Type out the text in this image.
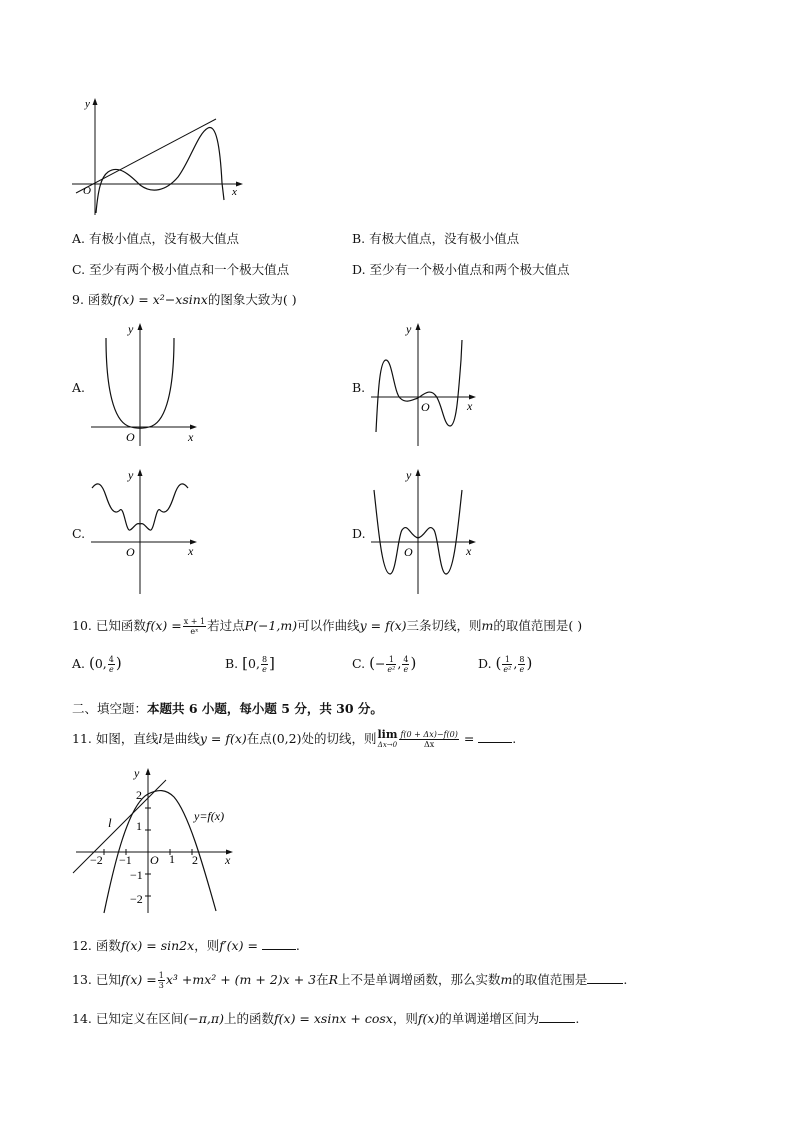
y
x
O
A. 有极小值点，没有极大值点	B. 有极大值点，没有极小值点
C. 至少有两个极小值点和一个极大值点	D. 至少有一个极小值点和两个极大值点
9. 函数f(x) = x²−xsinx的图象大致为( )
A.
y
x
O
B.
y
x
O
C.
y
x
O
D.
y
x
O
10. 已知函数$f(x) = \frac{x + 1}{\text{eˣ}}$ 若过点P(−1,m)可以作曲线y = f(x)三条切线，则m的取值范围是( )
A. (0, $\frac{4}{e}$ )	B. [0, $\frac{8}{e}$ ]	C. (− $\frac{1}{\text{e²}}$ , $\frac{4}{e}$ )	D. ( $\frac{1}{\text{e²}}$ , $\frac{8}{e}$ )
二、填空题：本题共 6 小题，每小题 5 分，共 30 分。
11. 如图，直线l是曲线y = f(x)在点(0,2)处的切线，则 lim
$\Delta x\to 0 \frac{f(0 + \Delta x)-f(0)}{\Delta x}$ =	.
y
x
O
l	y=f(x)
−2 −1	1 2
2
1
−1
−2
12. 函数f(x) = sin2x，则f′(x) =	.
13. 已知$f(x) = \frac{1}{3} x^3 +mx^2 + (m + 2)x + 3$在R上不是单调增函数，那么实数m的取值范围是	.
14. 已知定义在区间(−π,π)上的函数f(x) = xsinx + cosx，则f(x)的单调递增区间为	.
